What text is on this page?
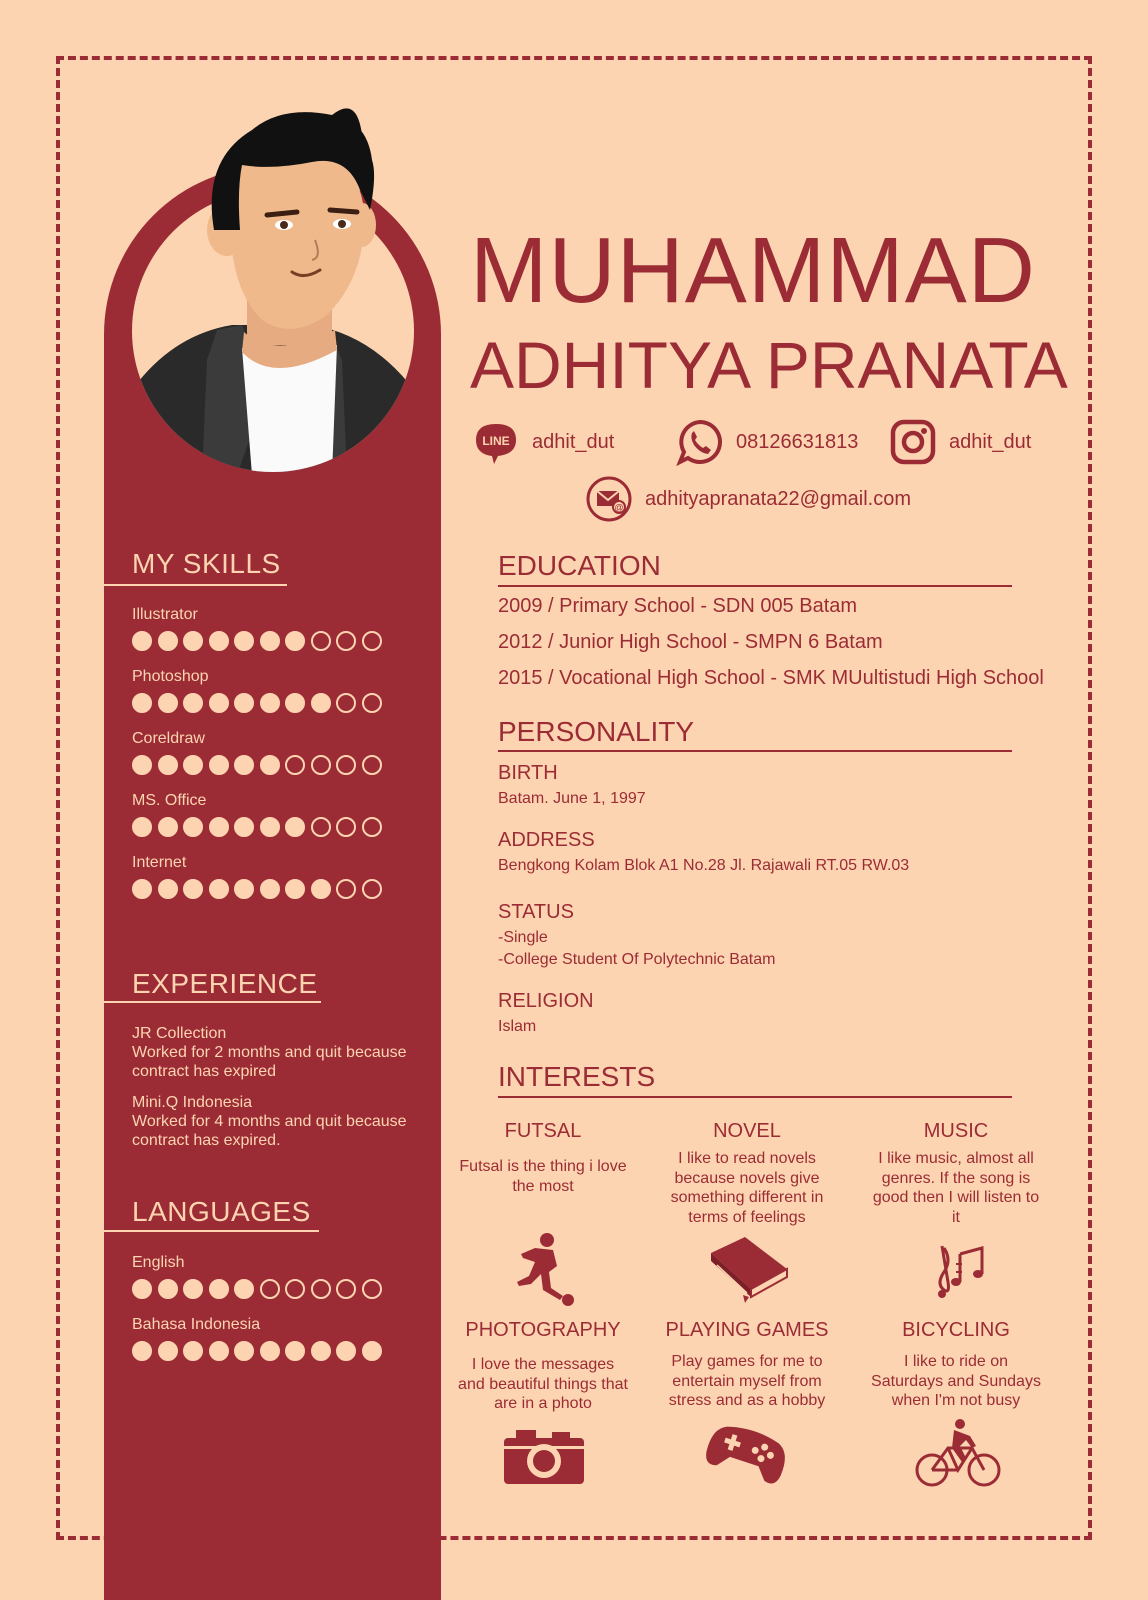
MUHAMMAD
ADHITYA PRANATA
LINE adhit_dut	08126631813	adhit_dut
@ adhityapranata22@gmail.com
MY SKILLS
Illustrator
Photoshop
Coreldraw
MS. Office
Internet
EXPERIENCE
JR Collection
Worked for 2 months and quit because contract has expired
Mini.Q Indonesia
Worked for 4 months and quit because contract has expired.
LANGUAGES
English
Bahasa Indonesia
EDUCATION
2009 / Primary School - SDN 005 Batam
2012 / Junior High School - SMPN 6 Batam
2015 / Vocational High School - SMK MUultistudi High School
PERSONALITY
BIRTH
Batam. June 1, 1997
ADDRESS
Bengkong Kolam Blok A1 No.28 Jl. Rajawali RT.05 RW.03
STATUS
-Single
-College Student Of Polytechnic Batam
RELIGION
Islam
INTERESTS
FUTSAL
Futsal is the thing i love the most
NOVEL
I like to read novels because novels give something different in terms of feelings
MUSIC
I like music, almost all genres. If the song is good then I will listen to it
PHOTOGRAPHY
I love the messages and beautiful things that are in a photo
PLAYING GAMES
Play games for me to entertain myself from stress and as a hobby
BICYCLING
I like to ride on Saturdays and Sundays when I'm not busy
